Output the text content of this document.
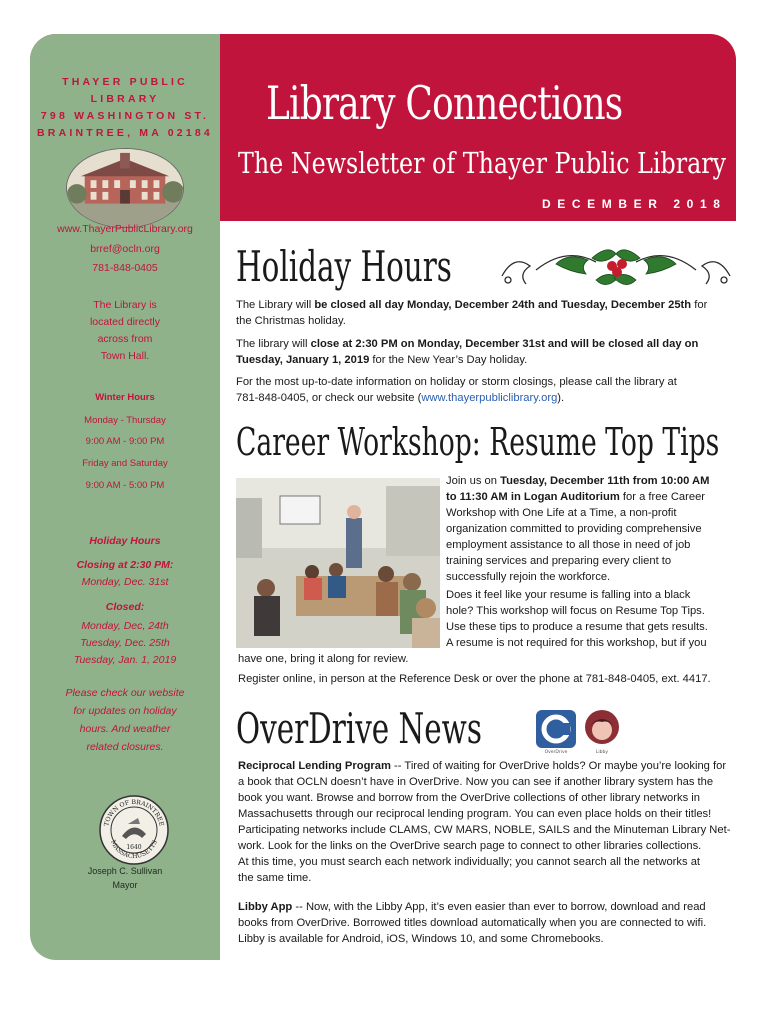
THAYER PUBLIC LIBRARY
798 WASHINGTON ST.
BRAINTREE, MA 02184
www.ThayerPublicLibrary.org
brref@ocln.org
781-848-0405
The Library is
located directly
across from
Town Hall.
Winter Hours
Monday - Thursday
9:00 AM - 9:00 PM
Friday and Saturday
9:00 AM - 5:00 PM
Holiday Hours
Closing at 2:30 PM:
Monday, Dec. 31st
Closed:
Monday, Dec, 24th
Tuesday, Dec. 25th
Tuesday, Jan. 1, 2019
Please check our website
for updates on holiday
hours. And weather
related closures.
TOWN OF BRAINTREE
MASSACHUSETTS
1640
Joseph C. Sullivan
Mayor
Library Connections
The Newsletter of Thayer Public Library
DECEMBER 2018
Holiday Hours
The Library will be closed all day Monday, December 24th and Tuesday, December 25th for
the Christmas holiday.
The library will close at 2:30 PM on Monday, December 31st and will be closed all day on
Tuesday, January 1, 2019 for the New Year’s Day holiday.
For the most up-to-date information on holiday or storm closings, please call the library at
781-848-0405, or check our website (www.thayerpubliclibrary.org).
Career Workshop: Resume Top Tips
Join us on Tuesday, December 11th from 10:00 AM
to 11:30 AM in Logan Auditorium for a free Career
Workshop with One Life at a Time, a non-profit
organization committed to providing comprehensive
employment assistance to all those in need of job
training services and preparing every client to
successfully rejoin the workforce.
Does it feel like your resume is falling into a black
hole? This workshop will focus on Resume Top Tips.
Use these tips to produce a resume that gets results.
A resume is not required for this workshop, but if you
have one, bring it along for review.
Register online, in person at the Reference Desk or over the phone at 781-848-0405, ext. 4417.
OverDrive News	OverDrive	Libby
Reciprocal Lending Program -- Tired of waiting for OverDrive holds? Or maybe you’re looking for
a book that OCLN doesn’t have in OverDrive. Now you can see if another library system has the
book you want. Browse and borrow from the OverDrive collections of other library networks in
Massachusetts through our reciprocal lending program. You can even place holds on their titles!
Participating networks include CLAMS, CW MARS, NOBLE, SAILS and the Minuteman Library Net-
work. Look for the links on the OverDrive search page to connect to other libraries collections.
At this time, you must search each network individually; you cannot search all the networks at
the same time.
Libby App -- Now, with the Libby App, it’s even easier than ever to borrow, download and read
books from OverDrive. Borrowed titles download automatically when you are connected to wifi.
Libby is available for Android, iOS, Windows 10, and some Chromebooks.
